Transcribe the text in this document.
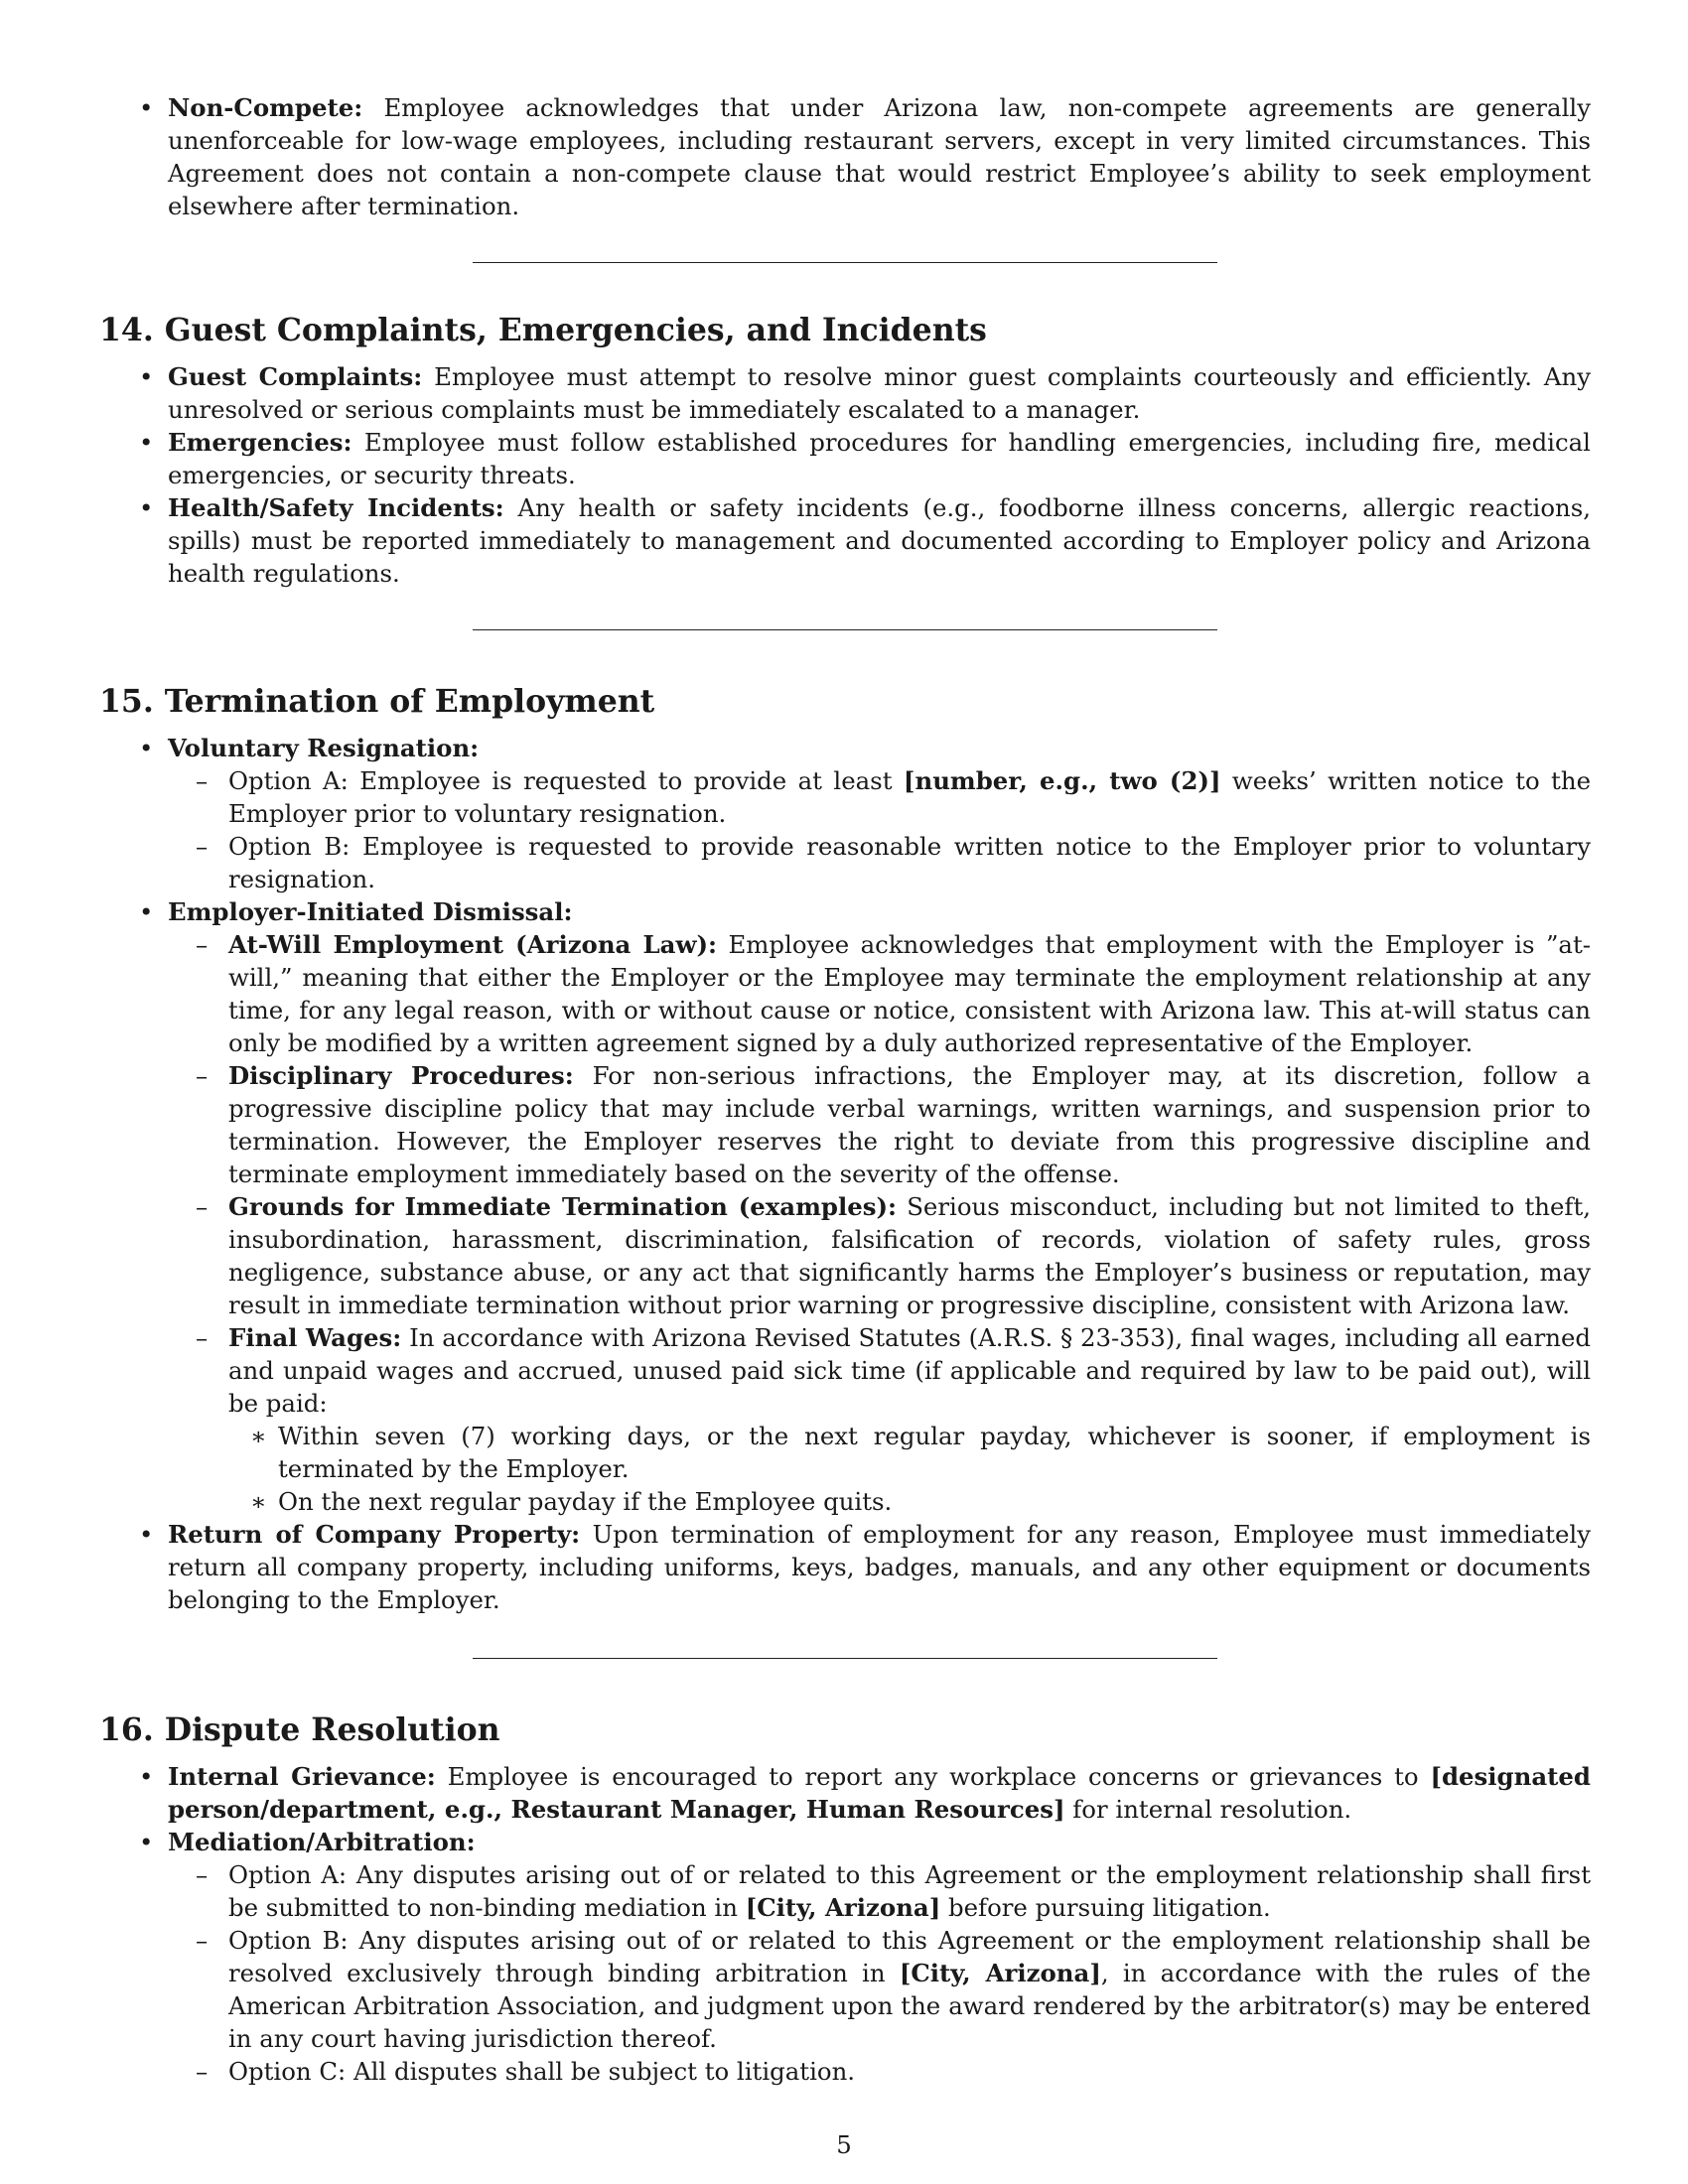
• Non-Compete: Employee acknowledges that under Arizona law, non-compete agreements are generally unenforceable for low-wage employees, including restaurant servers, except in very limited circumstances. This Agreement does not contain a non-compete clause that would restrict Employee’s ability to seek employment elsewhere after termination.
14. Guest Complaints, Emergencies, and Incidents
• Guest Complaints: Employee must attempt to resolve minor guest complaints courteously and efficiently. Any unresolved or serious complaints must be immediately escalated to a manager.
• Emergencies: Employee must follow established procedures for handling emergencies, including fire, medical emergencies, or security threats.
• Health/Safety Incidents: Any health or safety incidents (e.g., foodborne illness concerns, allergic reactions, spills) must be reported immediately to management and documented according to Employer policy and Arizona health regulations.
15. Termination of Employment
• Voluntary Resignation:
– Option A: Employee is requested to provide at least [number, e.g., two (2)] weeks’ written notice to the Employer prior to voluntary resignation.
– Option B: Employee is requested to provide reasonable written notice to the Employer prior to voluntary resignation.
• Employer-Initiated Dismissal:
– At-Will Employment (Arizona Law): Employee acknowledges that employment with the Employer is ”at-will,” meaning that either the Employer or the Employee may terminate the employment relationship at any time, for any legal reason, with or without cause or notice, consistent with Arizona law. This at-will status can only be modified by a written agreement signed by a duly authorized representative of the Employer.
– Disciplinary Procedures: For non-serious infractions, the Employer may, at its discretion, follow a progressive discipline policy that may include verbal warnings, written warnings, and suspension prior to termination. However, the Employer reserves the right to deviate from this progressive discipline and terminate employment immediately based on the severity of the offense.
– Grounds for Immediate Termination (examples): Serious misconduct, including but not limited to theft, insubordination, harassment, discrimination, falsification of records, violation of safety rules, gross negligence, substance abuse, or any act that significantly harms the Employer’s business or reputation, may result in immediate termination without prior warning or progressive discipline, consistent with Arizona law.
– Final Wages: In accordance with Arizona Revised Statutes (A.R.S. § 23-353), final wages, including all earned and unpaid wages and accrued, unused paid sick time (if applicable and required by law to be paid out), will be paid:
∗ Within seven (7) working days, or the next regular payday, whichever is sooner, if employment is terminated by the Employer.
∗ On the next regular payday if the Employee quits.
• Return of Company Property: Upon termination of employment for any reason, Employee must immediately return all company property, including uniforms, keys, badges, manuals, and any other equipment or documents belonging to the Employer.
16. Dispute Resolution
• Internal Grievance: Employee is encouraged to report any workplace concerns or grievances to [designated person/department, e.g., Restaurant Manager, Human Resources] for internal resolution.
• Mediation/Arbitration:
– Option A: Any disputes arising out of or related to this Agreement or the employment relationship shall first be submitted to non-binding mediation in [City, Arizona] before pursuing litigation.
– Option B: Any disputes arising out of or related to this Agreement or the employment relationship shall be resolved exclusively through binding arbitration in [City, Arizona], in accordance with the rules of the American Arbitration Association, and judgment upon the award rendered by the arbitrator(s) may be entered in any court having jurisdiction thereof.
– Option C: All disputes shall be subject to litigation.
5
